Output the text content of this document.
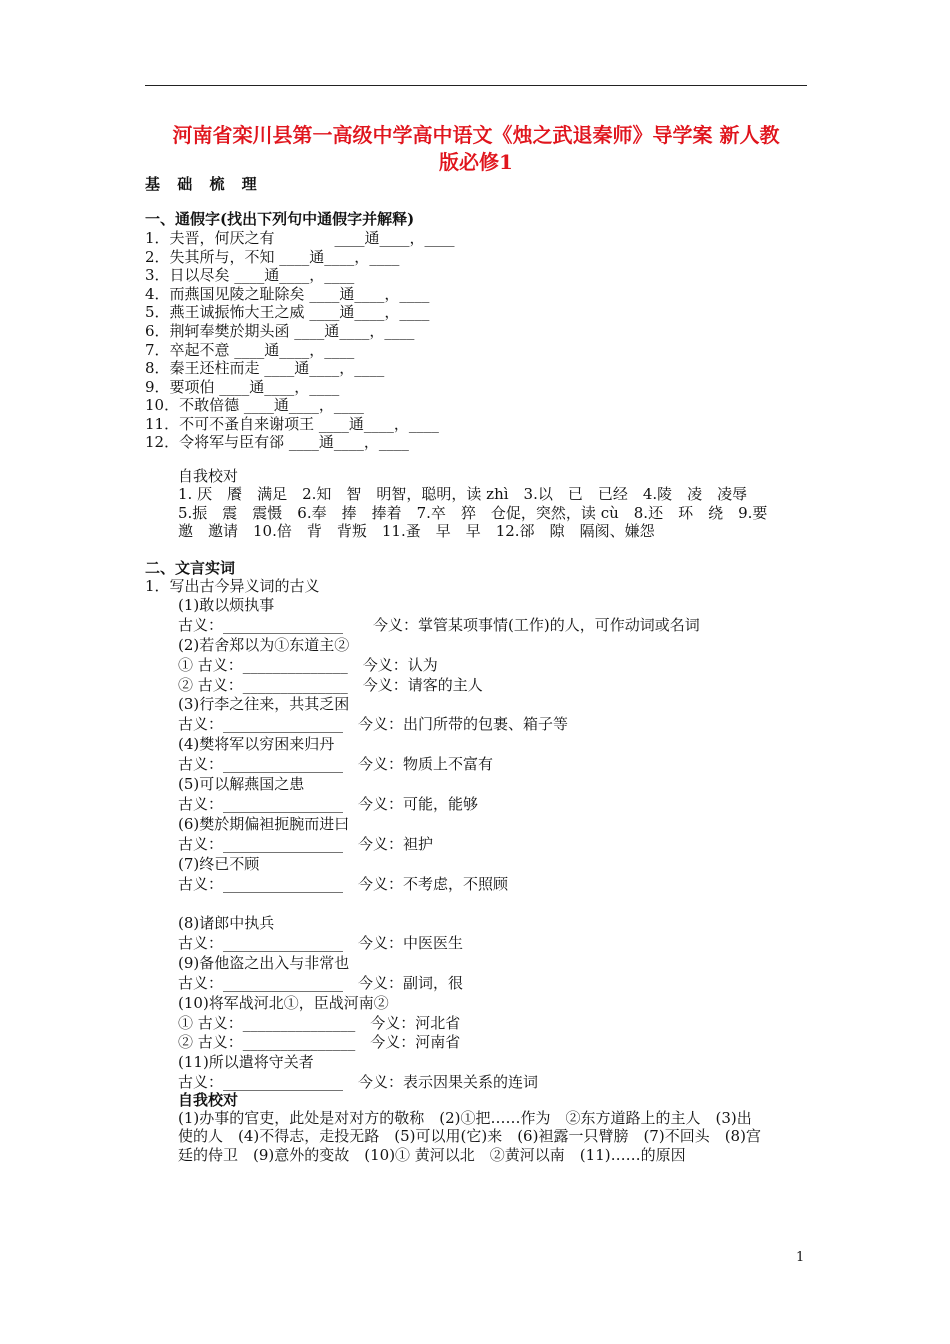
河南省栾川县第一高级中学高中语文《烛之武退秦师》导学案 新人教
版必修1
基 础 梳 理
一、通假字(找出下列句中通假字并解释)
1．夫晋，何厌之有　　　　____通____，____
2．失其所与，不知 ____通____，____
3．日以尽矣 ____通____，____
4．而燕国见陵之耻除矣 ____通____，____
5．燕王诚振怖大王之威 ____通____，____
6．荆轲奉樊於期头函 ____通____，____
7．卒起不意 ____通____，____
8．秦王还柱而走 ____通____，____
9．要项伯 ____通____，____
10．不敢倍德 ____通____，____
11．不可不蚤自来谢项王 ____通____，____
12．令将军与臣有郤 ____通____，____
自我校对
1. 厌　餍　满足　2.知　智　明智，聪明，读 zhì　3.以　已　已经　4.陵　凌　凌辱
5.振　震　震慑　6.奉　捧　捧着　7.卒　猝　仓促，突然，读 cù　8.还　环　绕　9.要
邀　邀请　10.倍　背　背叛　11.蚤　早　早　12.郤　隙　隔阂、嫌怨
二、文言实词
1．写出古今异义词的古义
(1)敢以烦执事
古义：________________　　今义：掌管某项事情(工作)的人，可作动词或名词
(2)若舍郑以为①东道主②
① 古义：______________　今义：认为
② 古义：______________　今义：请客的主人
(3)行李之往来，共其乏困
古义：________________　今义：出门所带的包裹、箱子等
(4)樊将军以穷困来归丹
古义：________________　今义：物质上不富有
(5)可以解燕国之患
古义：________________　今义：可能，能够
(6)樊於期偏袒扼腕而进曰
古义：________________　今义：袒护
(7)终已不顾
古义：________________　今义：不考虑，不照顾
(8)诸郎中执兵
古义：________________　今义：中医医生
(9)备他盗之出入与非常也
古义：________________　今义：副词，很
(10)将军战河北①，臣战河南②
① 古义：_______________　今义：河北省
② 古义：_______________　今义：河南省
(11)所以遣将守关者
古义：________________　今义：表示因果关系的连词
自我校对
(1)办事的官吏，此处是对对方的敬称　(2)①把……作为　②东方道路上的主人　(3)出
使的人　(4)不得志，走投无路　(5)可以用(它)来　(6)袒露一只臂膀　(7)不回头　(8)宫
廷的侍卫　(9)意外的变故　(10)① 黄河以北　②黄河以南　(11)……的原因
1
